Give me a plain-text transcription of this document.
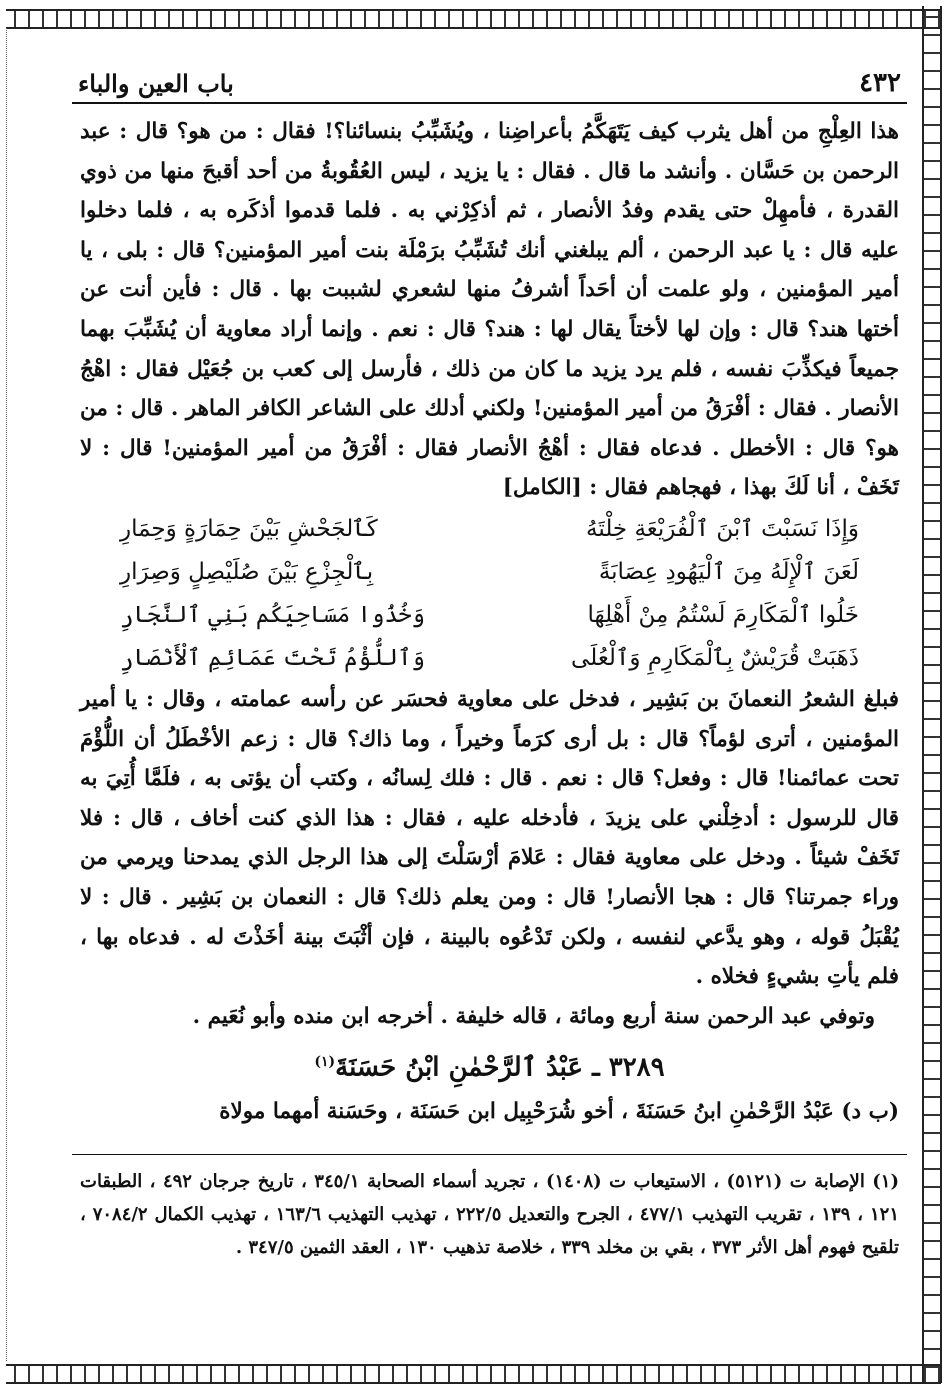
٤٣٢
باب العين والباء

هذا العِلْجِ من أهل يثرب كيف يَتَهَكَّمُ بأعراضِنا ، ويُشَبِّبُ بنسائنا؟! فقال : من هو؟ قال : عبد الرحمن بن حَسَّان . وأنشد ما قال . فقال : يا يزيد ، ليس العُقُوبةُ من أحد أقبحَ منها من ذوي القدرة ، فأمهِلْ حتى يقدم وفدُ الأنصار ، ثم أذكِرْني به . فلما قدموا أذكَره به ، فلما دخلوا عليه قال : يا عبد الرحمن ، ألم يبلغني أنك تُشَبِّبُ برَمْلَة بنت أمير المؤمنين؟ قال : بلى ، يا أمير المؤمنين ، ولو علمت أن أحَداً أشرفُ منها لشعري لشببت بها . قال : فأين أنت عن أختها هند؟ قال : وإن لها لأختاً يقال لها : هند؟ قال : نعم . وإنما أراد معاوية أن يُشَبِّبَ بهما جميعاً فيكذِّبَ نفسه ، فلم يرد يزيد ما كان من ذلك ، فأرسل إلى كعب بن جُعَيْل فقال : اهْجُ الأنصار . فقال : أفْرَقُ من أمير المؤمنين! ولكني أدلك على الشاعر الكافر الماهر . قال : من هو؟ قال : الأخطل . فدعاه فقال : أهْجُ الأنصار فقال : أفْرَقُ من أمير المؤمنين! قال : لا تَخَفْ ، أنا لَكَ بهذا ، فهجاهم فقال : [الكامل]

وَإِذَا نَسَبْتَ ٱبْنَ ٱلْفُرَيْعَةِ خِلْتَهُ
كَٱلجَحْشِ بَيْنَ حِمَارَةٍ وَحِمَارِ
لَعَنَ ٱلْإِلَهُ مِنَ ٱلْيَهُودِ عِصَابَةً
بِٱلْجِزْعِ بَيْنَ صُلَيْصِلٍ وَصِرَارِ
خَلُوا ٱلْمَكَارِمَ لَسْتُمُ مِنْ أَهْلِهَا
وَخُذُوا مَسَاحِيَكُم بَنِي ٱلنَّجَارِ
ذَهَبَتْ قُرَيْشٌ بِٱلْمَكَارِمِ وَٱلْعُلَى
وَٱللُّؤْمُ تَحْتَ عَمَائِمِ ٱلْأَنْصَارِ

فبلغ الشعرُ النعمانَ بن بَشِير ، فدخل على معاوية فحسَر عن رأسه عمامته ، وقال : يا أمير المؤمنين ، أترى لؤماً؟ قال : بل أرى كرَماً وخيراً ، وما ذاك؟ قال : زعم الأخْطَلُ أن اللُّؤْمَ تحت عمائمنا! قال : وفعل؟ قال : نعم . قال : فلك لِسانُه ، وكتب أن يؤتى به ، فلَمَّا أُتِيَ به قال للرسول : أدخِلْني على يزيدَ ، فأدخله عليه ، فقال : هذا الذي كنت أخاف ، قال : فلا تَخَفْ شيئاً . ودخل على معاوية فقال : عَلامَ أرْسَلْتَ إلى هذا الرجل الذي يمدحنا ويرمي من وراء جمرتنا؟ قال : هجا الأنصار! قال : ومن يعلم ذلك؟ قال : النعمان بن بَشِير . قال : لا يُقْبَلُ قوله ، وهو يدَّعي لنفسه ، ولكن تَدْعُوه بالبينة ، فإن أثْبَتَ بينة أخَذْتَ له . فدعاه بها ، فلم يأتِ بشيءٍ فخلاه .

وتوفي عبد الرحمن سنة أربع ومائة ، قاله خليفة . أخرجه ابن منده وأبو نُعَيم .

٣٢٨٩ ـ عَبْدُ ٱلرَّحْمٰنِ ابْنُ حَسَنَةَ$^{(١)}$

(ب د) عَبْدُ الرَّحْمٰنِ ابنُ حَسَنَةَ ، أخو شُرَحْبِيل ابن حَسَنَة ، وحَسَنة أمهما مولاة

(١) الإصابة ت (٥١٢١) ، الاستيعاب ت (١٤٠٨) ، تجريد أسماء الصحابة ٣٤٥/١ ، تاريخ جرجان ٤٩٢ ، الطبقات ١٢١ ، ١٣٩ ، تقريب التهذيب ٤٧٧/١ ، الجرح والتعديل ٢٢٢/٥ ، تهذيب التهذيب ١٦٣/٦ ، تهذيب الكمال ٧٠٨٤/٢ ، تلقيح فهوم أهل الأثر ٣٧٣ ، بقي بن مخلد ٣٣٩ ، خلاصة تذهيب ١٣٠ ، العقد الثمين ٣٤٧/٥ .
